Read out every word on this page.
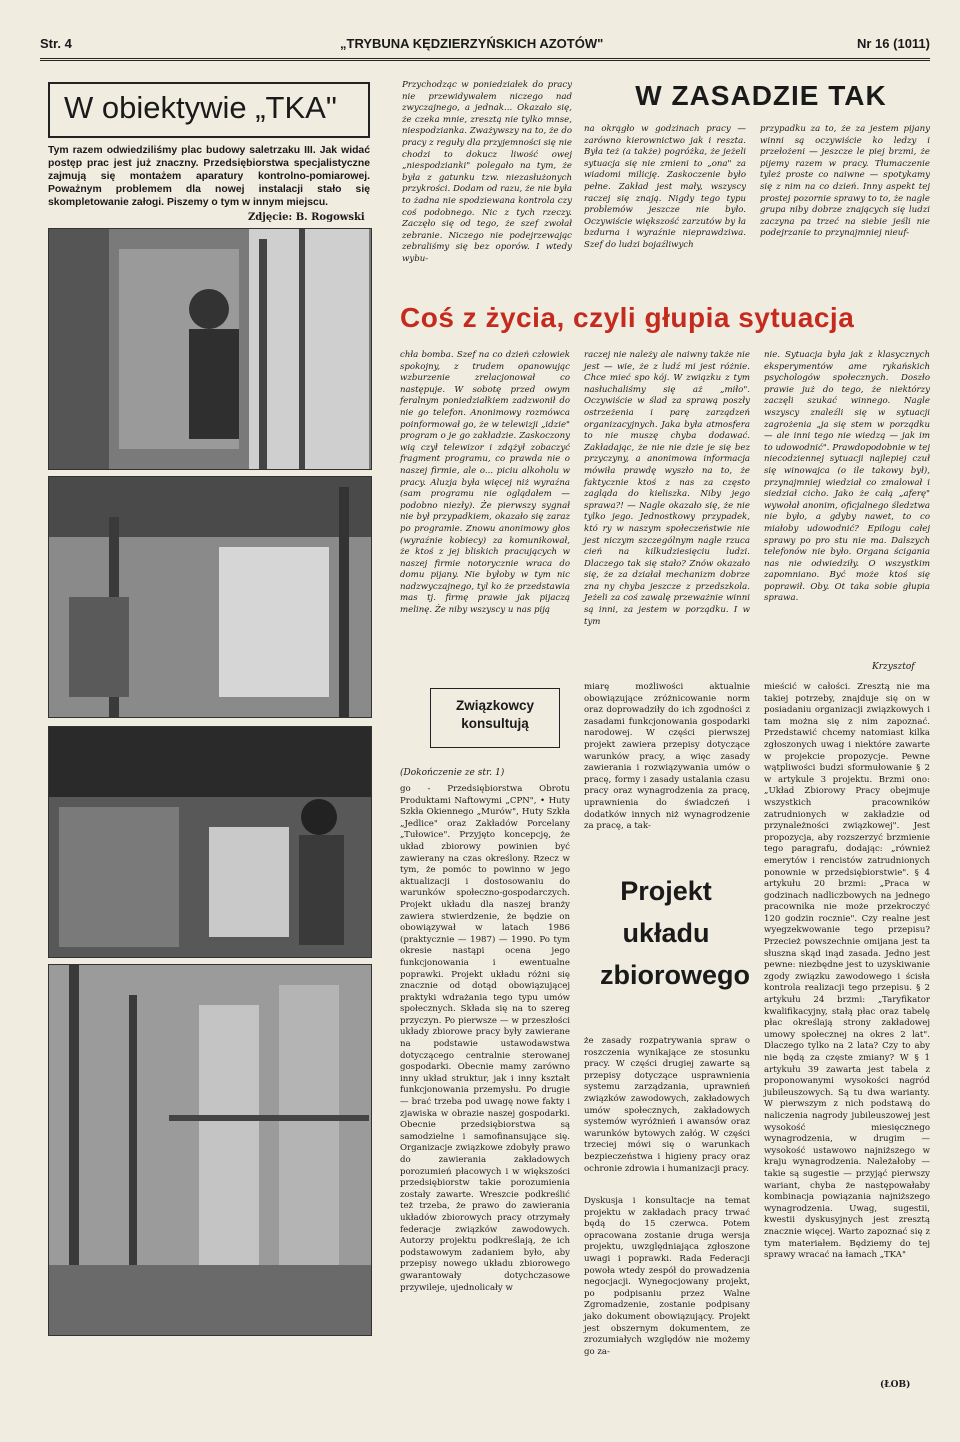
Str. 4	„TRYBUNA KĘDZIERZYŃSKICH AZOTÓW"	Nr 16 (1011)
W obiektywie „TKA"
Tym razem odwiedziliśmy plac budowy saletrzaku III. Jak widać postęp prac jest już znaczny. Przedsiębiorstwa specjalistyczne zajmują się montażem aparatury kontrolno-pomiarowej. Poważnym problemem dla nowej instalacji stało się skompletowanie załogi. Piszemy o tym w innym miejscu.
Zdjęcie: B. Rogowski
Przychodząc w poniedziałek do pracy nie przewidywałem niczego nad zwyczajnego, a jednak... Okazało się, że czeka mnie, zresztą nie tylko mnse, niespodzianka. Zważywszy na to, że do pracy z reguły dla przyjemności się nie chodzi to dokucz liwość owej „niespodzianki" polegało na tym, że była z gatunku tzw. niezasłużonych przykrości. Dodam od razu, że nie była to żadna nie spodziewana kontrola czy coś podobnego. Nic z tych rzeczy. Zaczęło się od tego, że szef zwołał zebranie. Niczego nie podejrzewając zebraliśmy się bez oporów. I wtedy wybu-
W ZASADZIE TAK
na okrągło w godzinach pracy — zarówno kierownictwo jak i reszta. Była też (a także) pogróżka, że jeżeli sytuacja się nie zmieni to „ona" za wiadomi milicję. Zaskoczenie było pełne. Zakład jest mały, wszyscy raczej się znają. Nigdy tego typu problemów jeszcze nie było. Oczywiście większość zarzutów by ła bzdurna i wyraźnie nieprawdziwa. Szef do ludzi bojaźliwych
przypadku za to, że za jestem pijany winni są oczywiście ko ledzy i przełożeni — jeszcze le piej brzmi, że pijemy razem w pracy. Tłumaczenie tyleż proste co naiwne — spotykamy się z nim na co dzień. Inny aspekt tej prostej pozornie sprawy to to, że nagle grupa niby dobrze znających się ludzi zaczyna pa trzeć na siebie jeśli nie podejrzanie to przynajmniej nieuf-
Coś z życia, czyli głupia sytuacja
chła bomba. Szef na co dzień człowiek spokojny, z trudem opanowując wzburzenie zrelacjonował co następuje. W sobotę przed owym feralnym poniedziałkiem zadzwonił do nie go telefon. Anonimowy rozmówca poinformował go, że w telewizji „idzie" program o je go zakładzie. Zaskoczony wią czył telewizor i zdążył zobaczyć fragment programu, co prawda nie o naszej firmie, ale o... piciu alkoholu w pracy. Aluzja była więcej niż wyraźna (sam programu nie oglądałem — podobno niezły). Że pierwszy sygnał nie był przypadkiem, okazało się zaraz po programie. Znowu anonimowy głos (wyraźnie kobiecy) za komunikował, że ktoś z jej bliskich pracujących w naszej firmie notorycznie wraca do domu pijany. Nie byłoby w tym nic nadzwyczajnego, tyl ko że przedstawia mas tj. firmę prawie jak pijaczą melinę. Że niby wszyscy u nas piją
raczej nie należy ale naiwny także nie jest — wie, że z ludź mi jest różnie. Chce mieć spo kój. W związku z tym nasłuchaliśmy się aż „miło". Oczywiście w ślad za sprawą poszły ostrzeżenia i parę zarządzeń organizacyjnych. Jaka była atmosfera to nie muszę chyba dodawać. Zakładając, że nie nie dzie je się bez przyczyny, a anonimowa informacja mówiła prawdę wyszło na to, że faktycznie ktoś z nas za często zagląda do kieliszka. Niby jego sprawa?! — Nagle okazało się, że nie tylko jego. Jednostkowy przypadek, któ ry w naszym społeczeństwie nie jest niczym szczególnym nagle rzuca cień na kilkudziesięciu ludzi. Dlaczego tak się stało? Znów okazało się, że za działał mechanizm dobrze zna ny chyba jeszcze z przedszkola. Jeżeli za coś zawalę przeważnie winni są inni, za jestem w porządku. I w tym
nie. Sytuacja była jak z klasycznych eksperymentów ame rykańskich psychologów społecznych. Doszło prawie już do tego, że niektórzy zaczęli szukać winnego. Nagle wszyscy znaleźli się w sytuacji zagrożenia „ja się stem w porządku — ale inni tego nie wiedzą — jak im to udowodnić". Prawdopodobnie w tej niecodziennej sytuacji najlepiej czuł się winowajca (o ile takowy był), przynajmniej wiedział co zmalował i siedział cicho. Jako że całą „aferę" wywołał anonim, oficjalnego śledztwa nie było, a gdyby nawet, to co miałoby udowodnić? Epilogu całej sprawy po pro stu nie ma. Dalszych telefonów nie było. Organa ścigania nas nie odwiedziły. O wszystkim zapomniano. Być może ktoś się poprawił. Oby. Ot taka sobie głupia sprawa.
Krzysztof
Związkowcy konsultują
(Dokończenie ze str. 1)
go - Przedsiębiorstwa Obrotu Produktami Naftowymi „CPN", • Huty Szkła Okiennego „Murów", Huty Szkła „Jedlice" oraz Zakładów Porcelany „Tułowice". Przyjęto koncepcję, że układ zbiorowy powinien być zawierany na czas określony. Rzecz w tym, że pomóc to powinno w jego aktualizacji i dostosowaniu do warunków społeczno-gospodarczych. Projekt układu dla naszej branży zawiera stwierdzenie, że będzie on obowiązywał w latach 1986 (praktycznie — 1987) — 1990. Po tym okresie nastąpi ocena jego funkcjonowania i ewentualne poprawki. Projekt układu różni się znacznie od dotąd obowiązującej praktyki wdrażania tego typu umów społecznych. Składa się na to szereg przyczyn. Po pierwsze — w przeszłości układy zbiorowe pracy były zawierane na podstawie ustawodawstwa dotyczącego centralnie sterowanej gospodarki. Obecnie mamy zarówno inny układ struktur, jak i inny kształt funkcjonowania przemysłu. Po drugie — brać trzeba pod uwagę nowe fakty i zjawiska w obrazie naszej gospodarki. Obecnie przedsiębiorstwa są samodzielne i samofinansujące się. Organizacje związkowe zdobyły prawo do zawierania zakładowych porozumień płacowych i w większości przedsiębiorstw takie porozumienia zostały zawarte. Wreszcie podkreślić też trzeba, że prawo do zawierania układów zbiorowych pracy otrzymały federacje związków zawodowych. Autorzy projektu podkreślają, że ich podstawowym zadaniem było, aby przepisy nowego układu zbiorowego gwarantowały dotychczasowe przywileje, ujednolicały w
miarę możliwości aktualnie obowiązujące zróżnicowanie norm oraz doprowadziły do ich zgodności z zasadami funkcjonowania gospodarki narodowej. W części pierwszej projekt zawiera przepisy dotyczące warunków pracy, a więc zasady zawierania i rozwiązywania umów o pracę, formy i zasady ustalania czasu pracy oraz wynagrodzenia za pracę, uprawnienia do świadczeń i dodatków innych niż wynagrodzenie za pracę, a tak-
Projekt układu zbiorowego
że zasady rozpatrywania spraw o roszczenia wynikające ze stosunku pracy. W części drugiej zawarte są przepisy dotyczące usprawnienia systemu zarządzania, uprawnień związków zawodowych, zakładowych umów społecznych, zakładowych systemów wyróżnień i awansów oraz warunków bytowych załóg. W części trzeciej mówi się o warunkach bezpieczeństwa i higieny pracy oraz ochronie zdrowia i humanizacji pracy.
Dyskusja i konsultacje na temat projektu w zakładach pracy trwać będą do 15 czerwca. Potem opracowana zostanie druga wersja projektu, uwzględniająca zgłoszone uwagi i poprawki. Rada Federacji powoła wtedy zespół do prowadzenia negocjacji. Wynegocjowany projekt, po podpisaniu przez Walne Zgromadzenie, zostanie podpisany jako dokument obowiązujący. Projekt jest obszernym dokumentem, ze zrozumiałych względów nie możemy go za-
mieścić w całości. Zresztą nie ma takiej potrzeby, znajduje się on w posiadaniu organizacji związkowych i tam można się z nim zapoznać. Przedstawić chcemy natomiast kilka zgłoszonych uwag i niektóre zawarte w projekcie propozycje. Pewne wątpliwości budzi sformułowanie § 2 w artykule 3 projektu. Brzmi ono: „Układ Zbiorowy Pracy obejmuje wszystkich pracowników zatrudnionych w zakładzie od przynależności związkowej". Jest propozycja, aby rozszerzyć brzmienie tego paragrafu, dodając: „również emerytów i rencistów zatrudnionych ponownie w przedsiębiorstwie". § 4 artykułu 20 brzmi: „Praca w godzinach nadliczbowych na jednego pracownika nie może przekroczyć 120 godzin rocznie". Czy realne jest wyegzekwowanie tego przepisu? Przecież powszechnie omijana jest ta słuszna skąd inąd zasada. Jedno jest pewne: niezbędne jest to uzyskiwanie zgody związku zawodowego i ścisła kontrola realizacji tego przepisu. § 2 artykułu 24 brzmi: „Taryfikator kwalifikacyjny, stałą płac oraz tabelę płac określają strony zakładowej umowy społecznej na okres 2 lat". Dlaczego tylko na 2 lata? Czy to aby nie będą za częste zmiany? W § 1 artykułu 39 zawarta jest tabela z proponowanymi wysokości nagród jubileuszowych. Są tu dwa warianty. W pierwszym z nich podstawą do naliczenia nagrody jubileuszowej jest wysokość miesięcznego wynagrodzenia, w drugim — wysokość ustawowo najniższego w kraju wynagrodzenia. Należałoby — takie są sugestie — przyjąć pierwszy wariant, chyba że następowałaby kombinacja powiązania najniższego wynagrodzenia. Uwag, sugestii, kwestii dyskusyjnych jest zresztą znacznie więcej. Warto zapoznać się z tym materiałem. Będziemy do tej sprawy wracać na łamach „TKA"
(ŁOB)
